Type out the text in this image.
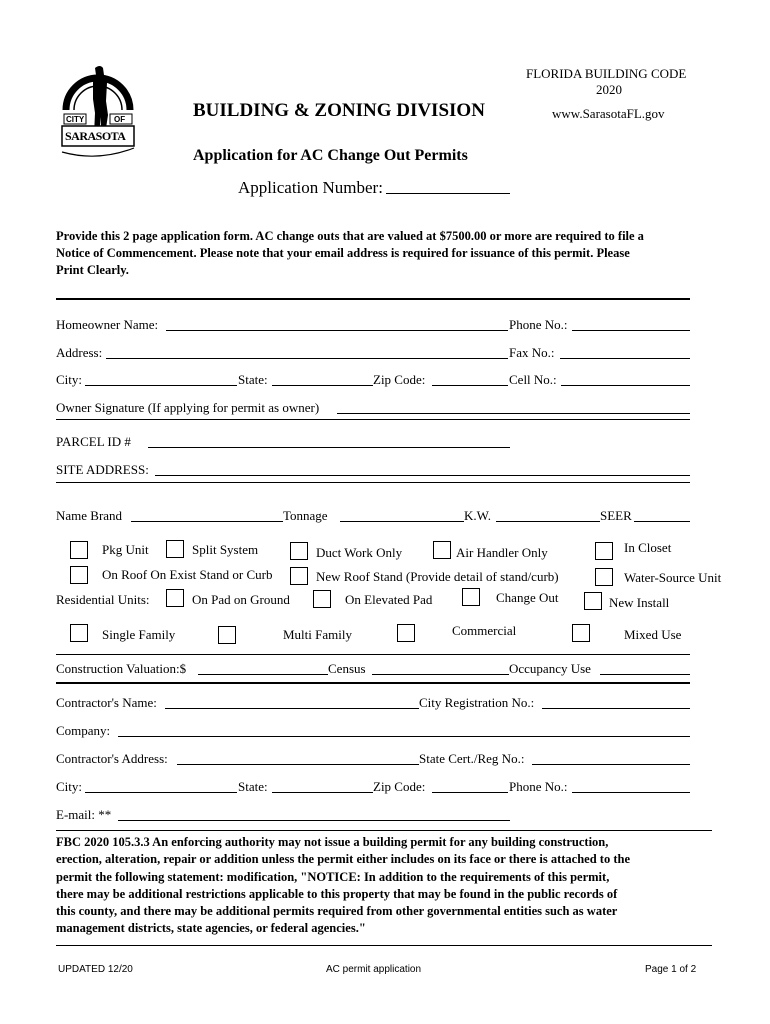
CITY	OF
SARASOTA
FLORIDA BUILDING CODE
2020
www.SarasotaFL.gov
BUILDING & ZONING DIVISION
Application for AC Change Out Permits
Application Number:
Provide this 2 page application form. AC change outs that are valued at $7500.00 or more are required to file a
Notice of Commencement. Please note that your email address is required for issuance of this permit. Please
Print Clearly.
Homeowner Name:	Phone No.:
Address:	Fax No.:
City:	State:	Zip Code:	Cell No.:
Owner Signature (If applying for permit as owner)
PARCEL ID #
SITE ADDRESS:
Name Brand	Tonnage	K.W.	SEER
Pkg Unit	Split System	Duct Work Only	Air Handler Only	In Closet
On Roof On Exist Stand or Curb	New Roof Stand (Provide detail of stand/curb)	Water-Source Unit
Residential Units:	On Pad on Ground	On Elevated Pad	Change Out	New Install
Single Family	Multi Family	Commercial	Mixed Use
Construction Valuation:$	Census	Occupancy Use
Contractor's Name:	City Registration No.:
Company:
Contractor's Address:	State Cert./Reg No.:
City:	State:	Zip Code:	Phone No.:
E-mail: **
FBC 2020 105.3.3 An enforcing authority may not issue a building permit for any building construction,
erection, alteration, repair or addition unless the permit either includes on its face or there is attached to the
permit the following statement: modification, "NOTICE: In addition to the requirements of this permit,
there may be additional restrictions applicable to this property that may be found in the public records of
this county, and there may be additional permits required from other governmental entities such as water
management districts, state agencies, or federal agencies."
UPDATED 12/20	AC permit application	Page 1 of 2
